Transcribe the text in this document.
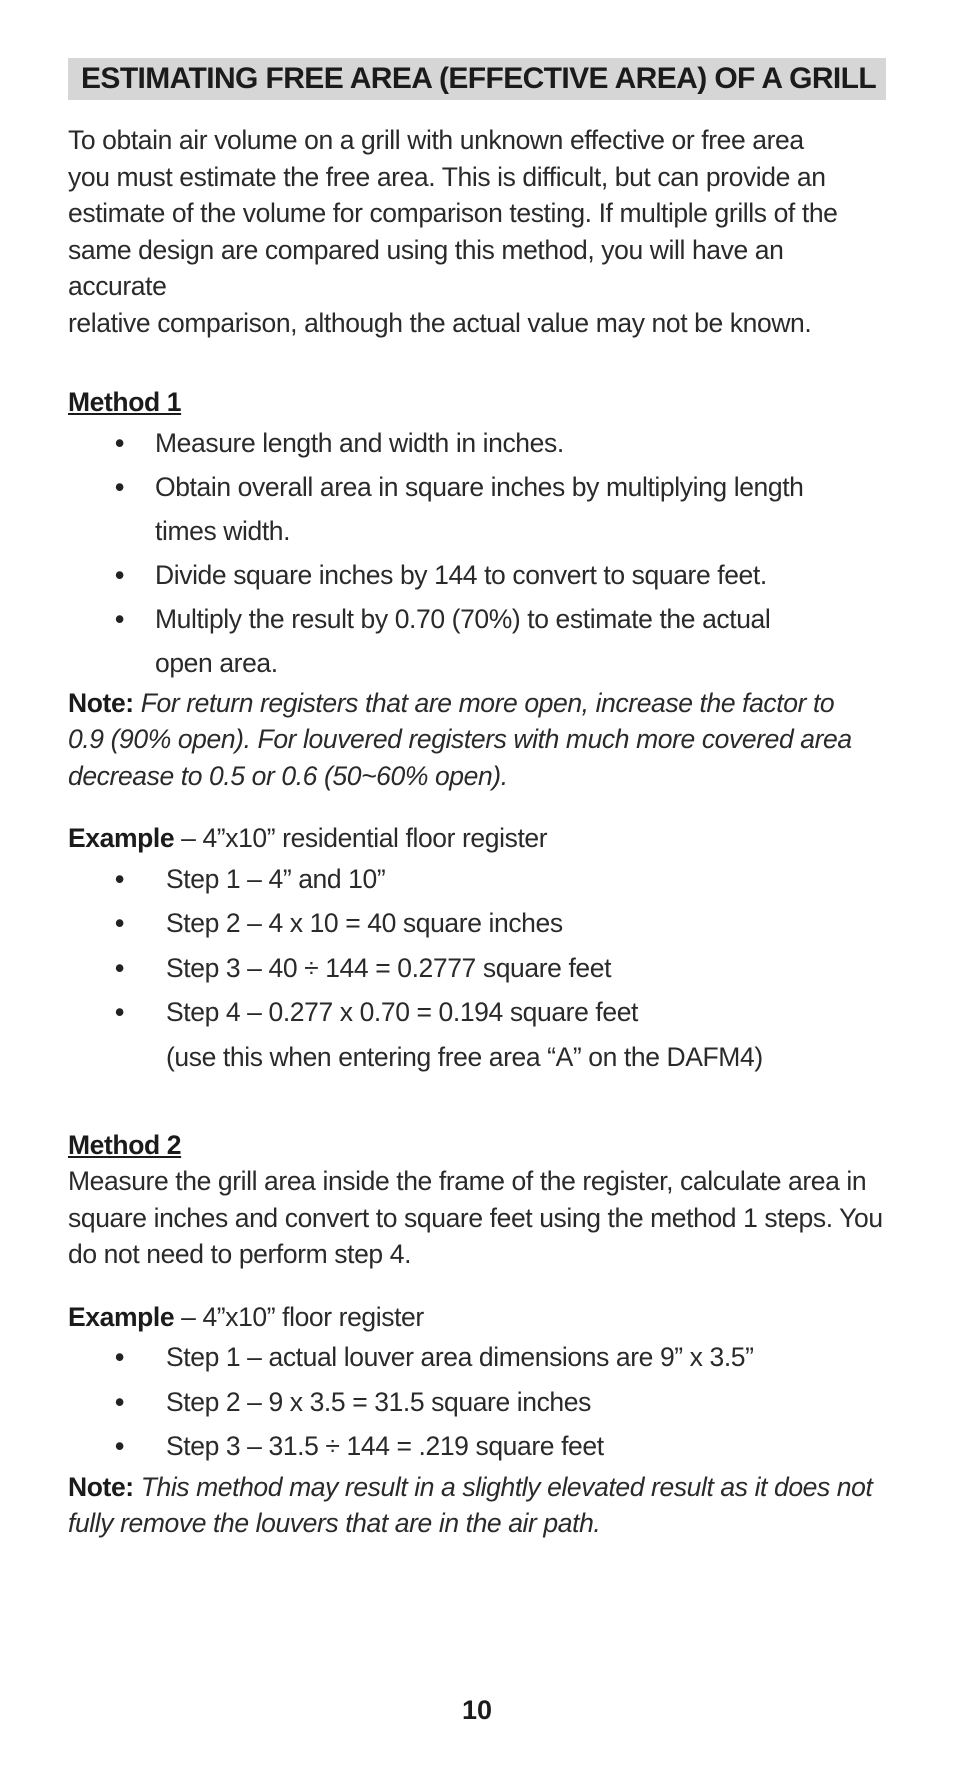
ESTIMATING FREE AREA (EFFECTIVE AREA) OF A GRILL
To obtain air volume on a grill with unknown effective or free area
you must estimate the free area. This is difficult, but can provide an
estimate of the volume for comparison testing. If multiple grills of the
same design are compared using this method, you will have an accurate
relative comparison, although the actual value may not be known.
Method 1
• Measure length and width in inches.
• Obtain overall area in square inches by multiplying length
times width.
• Divide square inches by 144 to convert to square feet.
• Multiply the result by 0.70 (70%) to estimate the actual
open area.
Note: For return registers that are more open, increase the factor to
0.9 (90% open). For louvered registers with much more covered area
decrease to 0.5 or 0.6 (50~60% open).
Example – 4”x10” residential floor register
• Step 1 – 4” and 10”
• Step 2 – 4 x 10 = 40 square inches
• Step 3 – 40 ÷ 144 = 0.2777 square feet
• Step 4 – 0.277 x 0.70 = 0.194 square feet
(use this when entering free area “A” on the DAFM4)
Method 2
Measure the grill area inside the frame of the register, calculate area in
square inches and convert to square feet using the method 1 steps. You
do not need to perform step 4.
Example – 4”x10” floor register
• Step 1 – actual louver area dimensions are 9” x 3.5”
• Step 2 – 9 x 3.5 = 31.5 square inches
• Step 3 – 31.5 ÷ 144 = .219 square feet
Note: This method may result in a slightly elevated result as it does not
fully remove the louvers that are in the air path.
10
